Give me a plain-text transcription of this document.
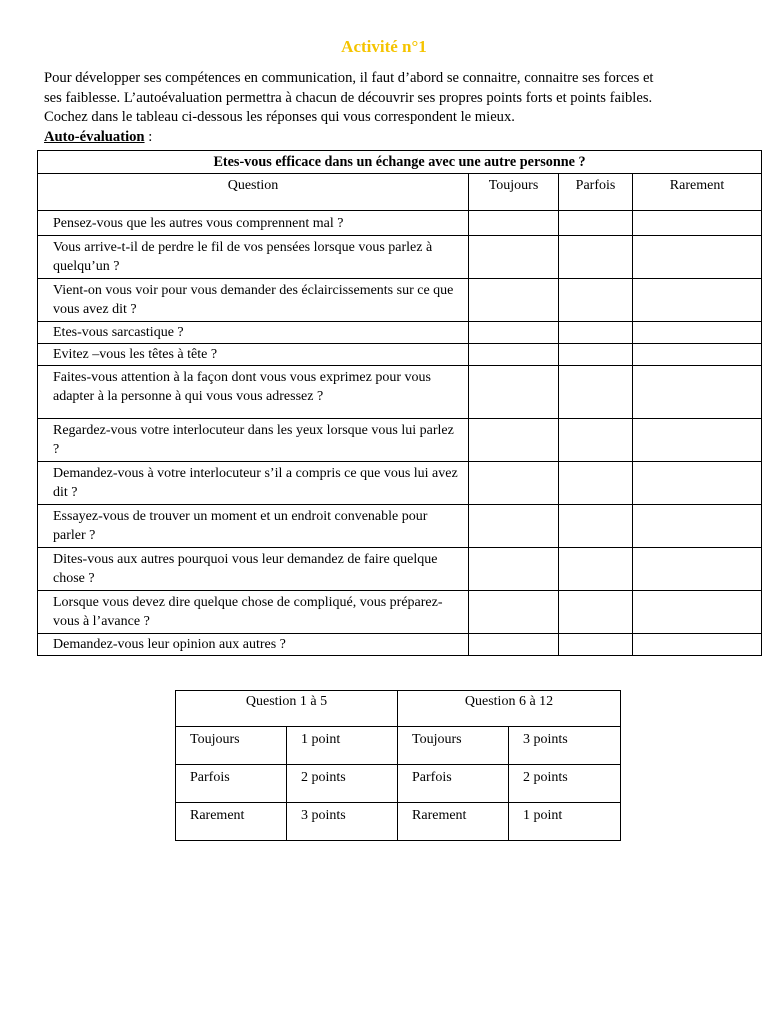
Activité n°1
Pour développer ses compétences en communication, il faut d’abord se connaitre, connaitre ses forces et
ses faiblesse. L’autoévaluation permettra à chacun de découvrir ses propres points forts et points faibles.
Cochez dans le tableau ci-dessous les réponses qui vous correspondent le mieux.
Auto-évaluation :
Etes-vous efficace dans un échange avec une autre personne ?			
Question	Toujours	Parfois	Rarement
Pensez-vous que les autres vous comprennent mal ?			
Vous arrive-t-il de perdre le fil de vos pensées lorsque vous parlez à quelqu’un ?			
Vient-on vous voir pour vous demander des éclaircissements sur ce que vous avez dit ?			
Etes-vous sarcastique ?			
Evitez –vous les têtes à tête ?			
Faites-vous attention à la façon dont vous vous exprimez pour vous adapter à la personne à qui vous vous adressez ?			
Regardez-vous votre interlocuteur dans les yeux lorsque vous lui parlez ?			
Demandez-vous à votre interlocuteur s’il a compris ce que vous lui avez dit ?			
Essayez-vous de trouver un moment et un endroit convenable pour parler ?			
Dites-vous aux autres pourquoi vous leur demandez de faire quelque chose ?			
Lorsque vous devez dire quelque chose de compliqué, vous préparez-vous à l’avance ?			
Demandez-vous leur opinion aux autres ?			
Question 1 à 5		Question 6 à 12	
Toujours	1 point	Toujours	3 points
Parfois	2 points	Parfois	2 points
Rarement	3 points	Rarement	1 point
